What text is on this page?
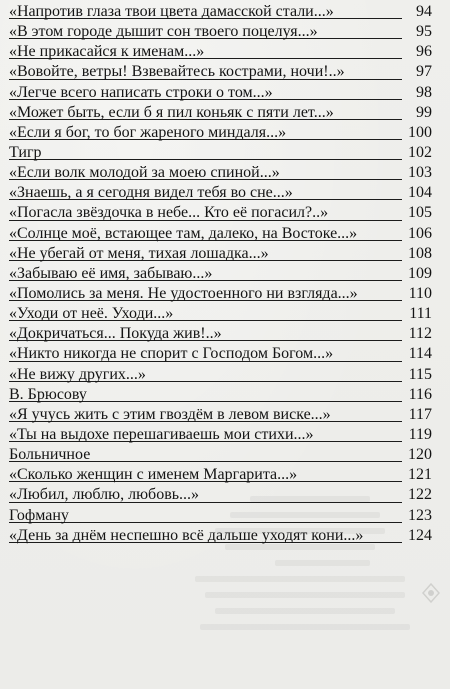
«Напротив глаза твои цвета дамасской стали...»	94
«В этом городе дышит сон твоего поцелуя...»	95
«Не прикасайся к именам...»	96
«Вовойте, ветры! Взвевайтесь кострами, ночи!..»	97
«Легче всего написать строки о том...»	98
«Может быть, если б я пил коньяк с пяти лет...»	99
«Если я бог, то бог жареного миндаля...»	100
Тигр	102
«Если волк молодой за моею спиной...»	103
«Знаешь, а я сегодня видел тебя во сне...»	104
«Погасла звёздочка в небе... Кто её погасил?..»	105
«Солнце моё, встающее там, далеко, на Востоке...»	106
«Не убегай от меня, тихая лошадка...»	108
«Забываю её имя, забываю...»	109
«Помолись за меня. Не удостоенного ни взгляда...»	110
«Уходи от неё. Уходи...»	111
«Докричаться... Покуда жив!..»	112
«Никто никогда не спорит с Господом Богом...»	114
«Не вижу других...»	115
В. Брюсову	116
«Я учусь жить с этим гвоздём в левом виске...»	117
«Ты на выдохе перешагиваешь мои стихи...»	119
Больничное	120
«Сколько женщин с именем Маргарита...»	121
«Любил, люблю, любовь...»	122
Гофману	123
«День за днём неспешно всё дальше уходят кони...»	124
